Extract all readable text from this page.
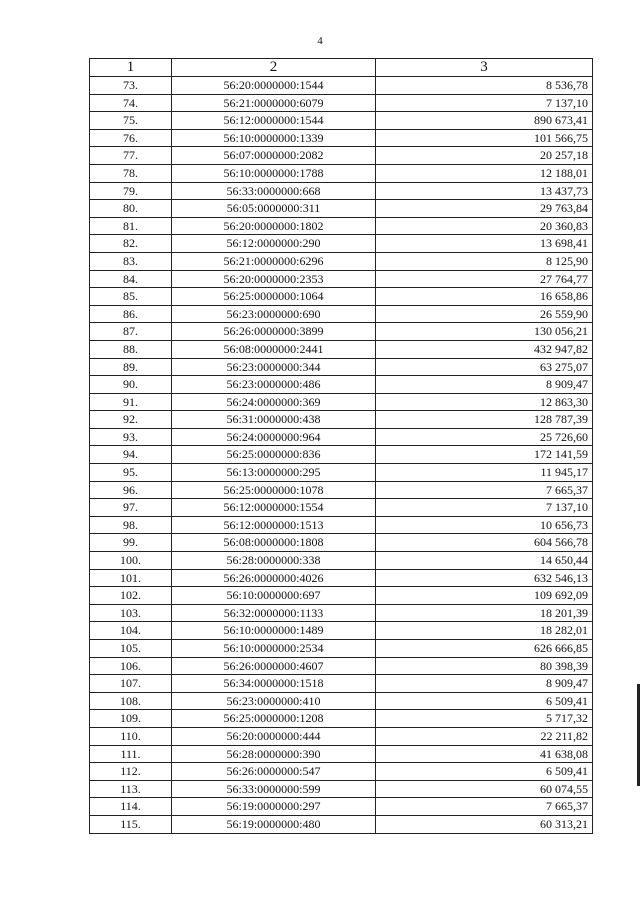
4
1	2	3
73.	56:20:0000000:1544	8 536,78
74.	56:21:0000000:6079	7 137,10
75.	56:12:0000000:1544	890 673,41
76.	56:10:0000000:1339	101 566,75
77.	56:07:0000000:2082	20 257,18
78.	56:10:0000000:1788	12 188,01
79.	56:33:0000000:668	13 437,73
80.	56:05:0000000:311	29 763,84
81.	56:20:0000000:1802	20 360,83
82.	56:12:0000000:290	13 698,41
83.	56:21:0000000:6296	8 125,90
84.	56:20:0000000:2353	27 764,77
85.	56:25:0000000:1064	16 658,86
86.	56:23:0000000:690	26 559,90
87.	56:26:0000000:3899	130 056,21
88.	56:08:0000000:2441	432 947,82
89.	56:23:0000000:344	63 275,07
90.	56:23:0000000:486	8 909,47
91.	56:24:0000000:369	12 863,30
92.	56:31:0000000:438	128 787,39
93.	56:24:0000000:964	25 726,60
94.	56:25:0000000:836	172 141,59
95.	56:13:0000000:295	11 945,17
96.	56:25:0000000:1078	7 665,37
97.	56:12:0000000:1554	7 137,10
98.	56:12:0000000:1513	10 656,73
99.	56:08:0000000:1808	604 566,78
100.	56:28:0000000:338	14 650,44
101.	56:26:0000000:4026	632 546,13
102.	56:10:0000000:697	109 692,09
103.	56:32:0000000:1133	18 201,39
104.	56:10:0000000:1489	18 282,01
105.	56:10:0000000:2534	626 666,85
106.	56:26:0000000:4607	80 398,39
107.	56:34:0000000:1518	8 909,47
108.	56:23:0000000:410	6 509,41
109.	56:25:0000000:1208	5 717,32
110.	56:20:0000000:444	22 211,82
111.	56:28:0000000:390	41 638,08
112.	56:26:0000000:547	6 509,41
113.	56:33:0000000:599	60 074,55
114.	56:19:0000000:297	7 665,37
115.	56:19:0000000:480	60 313,21
